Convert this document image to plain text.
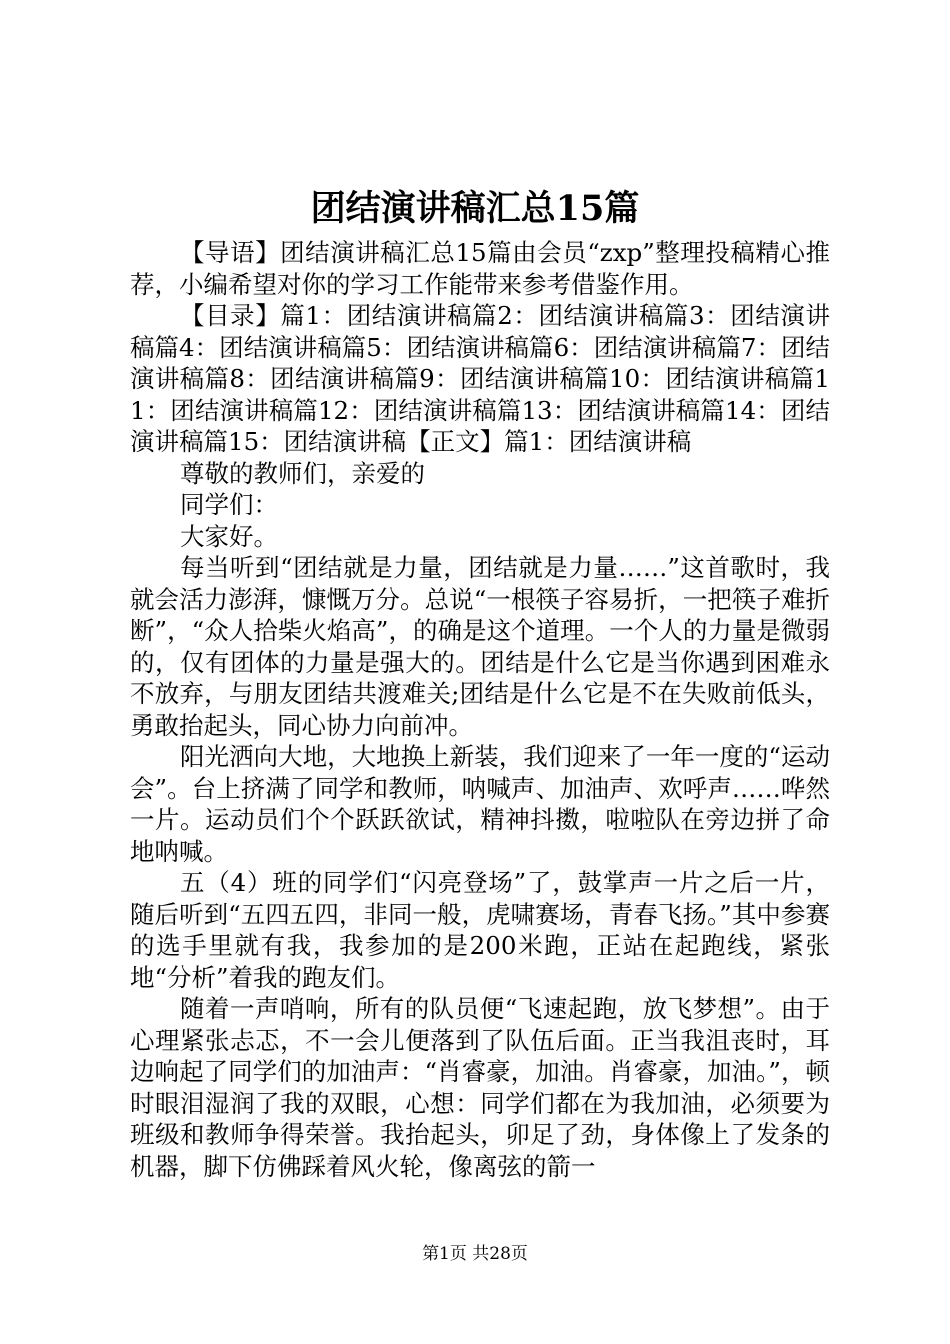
团结演讲稿汇总15篇

【导语】团结演讲稿汇总15篇由会员“zxp”整理投稿精心推荐，小编希望对你的学习工作能带来参考借鉴作用。

【目录】篇1：团结演讲稿篇2：团结演讲稿篇3：团结演讲稿篇4：团结演讲稿篇5：团结演讲稿篇6：团结演讲稿篇7：团结演讲稿篇8：团结演讲稿篇9：团结演讲稿篇10：团结演讲稿篇11：团结演讲稿篇12：团结演讲稿篇13：团结演讲稿篇14：团结演讲稿篇15：团结演讲稿【正文】篇1：团结演讲稿

尊敬的教师们，亲爱的

同学们：

大家好。

每当听到“团结就是力量，团结就是力量……”这首歌时，我就会活力澎湃，慷慨万分。总说“一根筷子容易折，一把筷子难折断”，“众人拾柴火焰高”，的确是这个道理。一个人的力量是微弱的，仅有团体的力量是强大的。团结是什么它是当你遇到困难永不放弃，与朋友团结共渡难关;团结是什么它是不在失败前低头，勇敢抬起头，同心协力向前冲。

阳光洒向大地，大地换上新装，我们迎来了一年一度的“运动会”。台上挤满了同学和教师，呐喊声、加油声、欢呼声……哗然一片。运动员们个个跃跃欲试，精神抖擞，啦啦队在旁边拼了命地呐喊。

五（4）班的同学们“闪亮登场”了，鼓掌声一片之后一片，随后听到“五四五四，非同一般，虎啸赛场，青春飞扬。”其中参赛的选手里就有我，我参加的是200米跑，正站在起跑线，紧张地“分析”着我的跑友们。

随着一声哨响，所有的队员便“飞速起跑，放飞梦想”。由于心理紧张忐忑，不一会儿便落到了队伍后面。正当我沮丧时，耳边响起了同学们的加油声：“肖睿豪，加油。肖睿豪，加油。”，顿时眼泪湿润了我的双眼，心想：同学们都在为我加油，必须要为班级和教师争得荣誉。我抬起头，卯足了劲，身体像上了发条的机器，脚下仿佛踩着风火轮，像离弦的箭一

第1页 共28页
